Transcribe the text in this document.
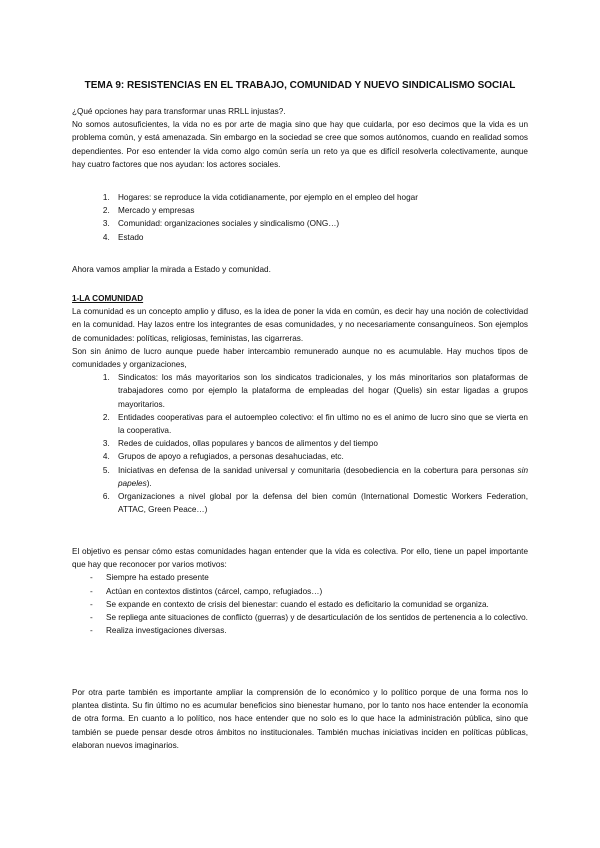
TEMA 9: RESISTENCIAS EN EL TRABAJO, COMUNIDAD Y NUEVO SINDICALISMO SOCIAL

¿Qué opciones hay para transformar unas RRLL injustas?.

No somos autosuficientes, la vida no es por arte de magia sino que hay que cuidarla, por eso decimos que la vida es un problema común, y está amenazada. Sin embargo en la sociedad se cree que somos autónomos, cuando en realidad somos dependientes. Por eso entender la vida como algo común sería un reto ya que es difícil resolverla colectivamente, aunque hay cuatro factores que nos ayudan: los actores sociales.

1. Hogares: se reproduce la vida cotidianamente, por ejemplo en el empleo del hogar
2. Mercado y empresas
3. Comunidad: organizaciones sociales y sindicalismo (ONG…)
4. Estado

Ahora vamos ampliar la mirada a Estado y comunidad.

1-LA COMUNIDAD

La comunidad es un concepto amplio y difuso, es la idea de poner la vida en común, es decir hay una noción de colectividad en la comunidad. Hay lazos entre los integrantes de esas comunidades, y no necesariamente consanguíneos. Son ejemplos de comunidades: políticas, religiosas, feministas, las cigarreras.

Son sin ánimo de lucro aunque puede haber intercambio remunerado aunque no es acumulable. Hay muchos tipos de comunidades y organizaciones,

1. Sindicatos: los más mayoritarios son los sindicatos tradicionales, y los más minoritarios son plataformas de trabajadores como por ejemplo la plataforma de empleadas del hogar (Quelis) sin estar ligadas a grupos mayoritarios.
2. Entidades cooperativas para el autoempleo colectivo: el fin ultimo no es el animo de lucro sino que se vierta en la cooperativa.
3. Redes de cuidados, ollas populares y bancos de alimentos y del tiempo
4. Grupos de apoyo a refugiados, a personas desahuciadas, etc.
5. Iniciativas en defensa de la sanidad universal y comunitaria (desobediencia en la cobertura para personas sin papeles).
6. Organizaciones a nivel global por la defensa del bien común (International Domestic Workers Federation, ATTAC, Green Peace…)

El objetivo es pensar cómo estas comunidades hagan entender que la vida es colectiva. Por ello, tiene un papel importante que hay que reconocer por varios motivos:

- Siempre ha estado presente
- Actúan en contextos distintos (cárcel, campo, refugiados…)
- Se expande en contexto de crisis del bienestar: cuando el estado es deficitario la comunidad se organiza.
- Se repliega ante situaciones de conflicto (guerras) y de desarticulación de los sentidos de pertenencia a lo colectivo.
- Realiza investigaciones diversas.

Por otra parte también es importante ampliar la comprensión de lo económico y lo político porque de una forma nos lo plantea distinta. Su fin último no es acumular beneficios sino bienestar humano, por lo tanto nos hace entender la economía de otra forma. En cuanto a lo político, nos hace entender que no solo es lo que hace la administración pública, sino que también se puede pensar desde otros ámbitos no institucionales. También muchas iniciativas inciden en políticas públicas, elaboran nuevos imaginarios.
